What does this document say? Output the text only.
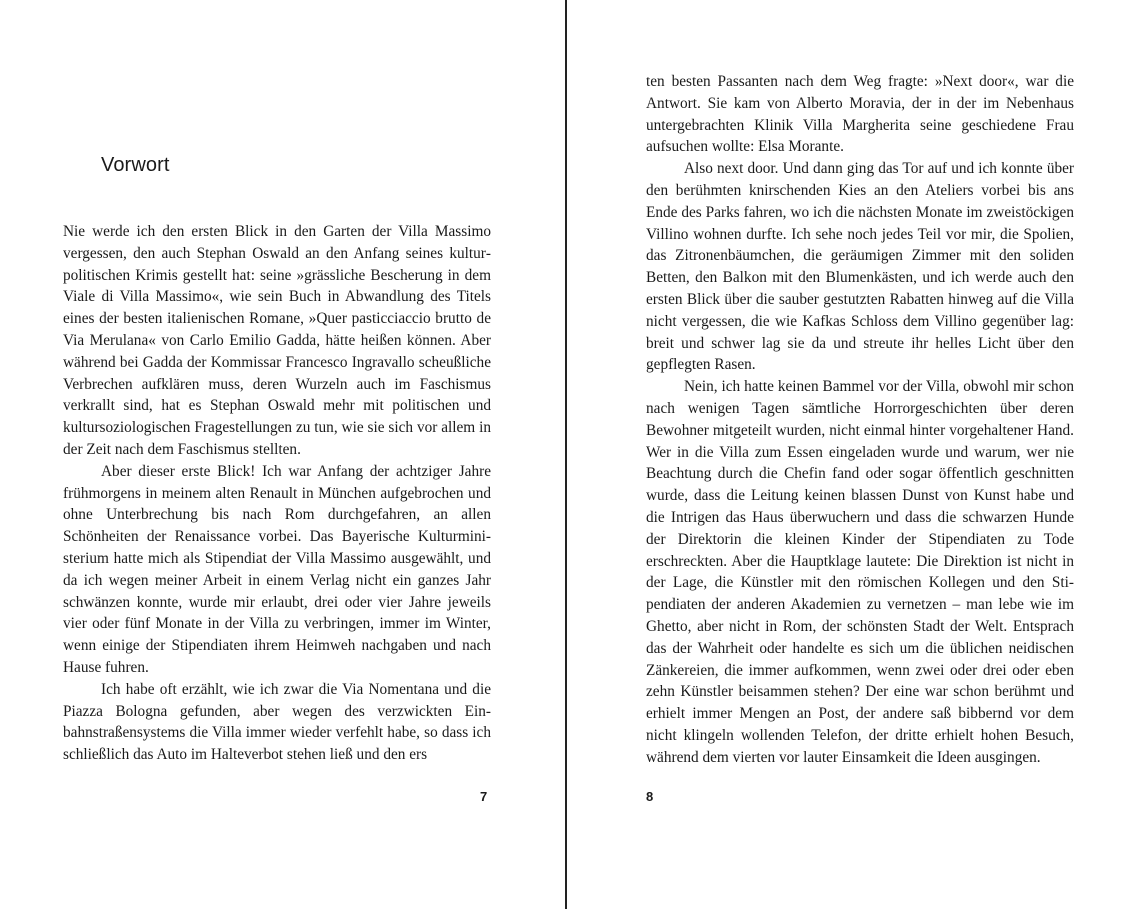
Vorwort

Nie werde ich den ersten Blick in den Garten der Villa Massimo vergessen, den auch Stephan Oswald an den Anfang seines kulturpolitischen Krimis gestellt hat: seine »grässliche Bescherung in dem Viale di Villa Massimo«, wie sein Buch in Abwandlung des Titels eines der besten italienischen Romane, »Quer pasticciaccio brutto de Via Merulana« von Carlo Emilio Gadda, hätte heißen können. Aber während bei Gadda der Kommissar Francesco Ingravallo scheußliche Verbrechen aufklären muss, deren Wurzeln auch im Faschismus verkrallt sind, hat es Stephan Oswald mehr mit politischen und kultursoziologischen Fragestellungen zu tun, wie sie sich vor allem in der Zeit nach dem Faschismus stellten.

Aber dieser erste Blick! Ich war Anfang der achtziger Jahre frühmorgens in meinem alten Renault in München aufgebrochen und ohne Unterbrechung bis nach Rom durchgefahren, an allen Schönheiten der Renaissance vorbei. Das Bayerische Kulturministerium hatte mich als Stipendiat der Villa Massimo ausgewählt, und da ich wegen meiner Arbeit in einem Verlag nicht ein ganzes Jahr schwänzen konnte, wurde mir erlaubt, drei oder vier Jahre jeweils vier oder fünf Monate in der Villa zu verbringen, immer im Winter, wenn einige der Stipendiaten ihrem Heimweh nachgaben und nach Hause fuhren.

Ich habe oft erzählt, wie ich zwar die Via Nomentana und die Piazza Bologna gefunden, aber wegen des verzwickten Einbahnstraßensystems die Villa immer wieder verfehlt habe, so dass ich schließlich das Auto im Halteverbot stehen ließ und den ers

7

ten besten Passanten nach dem Weg fragte: »Next door«, war die Antwort. Sie kam von Alberto Moravia, der in der im Nebenhaus untergebrachten Klinik Villa Margherita seine geschiedene Frau aufsuchen wollte: Elsa Morante.

Also next door. Und dann ging das Tor auf und ich konnte über den berühmten knirschenden Kies an den Ateliers vorbei bis ans Ende des Parks fahren, wo ich die nächsten Monate im zweistöckigen Villino wohnen durfte. Ich sehe noch jedes Teil vor mir, die Spolien, das Zitronenbäumchen, die geräumigen Zimmer mit den soliden Betten, den Balkon mit den Blumenkästen, und ich werde auch den ersten Blick über die sauber gestutzten Rabatten hinweg auf die Villa nicht vergessen, die wie Kafkas Schloss dem Villino gegenüber lag: breit und schwer lag sie da und streute ihr helles Licht über den gepflegten Rasen.

Nein, ich hatte keinen Bammel vor der Villa, obwohl mir schon nach wenigen Tagen sämtliche Horrorgeschichten über deren Bewohner mitgeteilt wurden, nicht einmal hinter vorgehaltener Hand. Wer in die Villa zum Essen eingeladen wurde und warum, wer nie Beachtung durch die Chefin fand oder sogar öffentlich geschnitten wurde, dass die Leitung keinen blassen Dunst von Kunst habe und die Intrigen das Haus überwuchern und dass die schwarzen Hunde der Direktorin die kleinen Kinder der Stipendiaten zu Tode erschreckten. Aber die Hauptklage lautete: Die Direktion ist nicht in der Lage, die Künstler mit den römischen Kollegen und den Stipendiaten der anderen Akademien zu vernetzen – man lebe wie im Ghetto, aber nicht in Rom, der schönsten Stadt der Welt. Entsprach das der Wahrheit oder handelte es sich um die üblichen neidischen Zänkereien, die immer aufkommen, wenn zwei oder drei oder eben zehn Künstler beisammen stehen? Der eine war schon berühmt und erhielt immer Mengen an Post, der andere saß bibbernd vor dem nicht klingeln wollenden Telefon, der dritte erhielt hohen Besuch, während dem vierten vor lauter Einsamkeit die Ideen ausgingen.

8
